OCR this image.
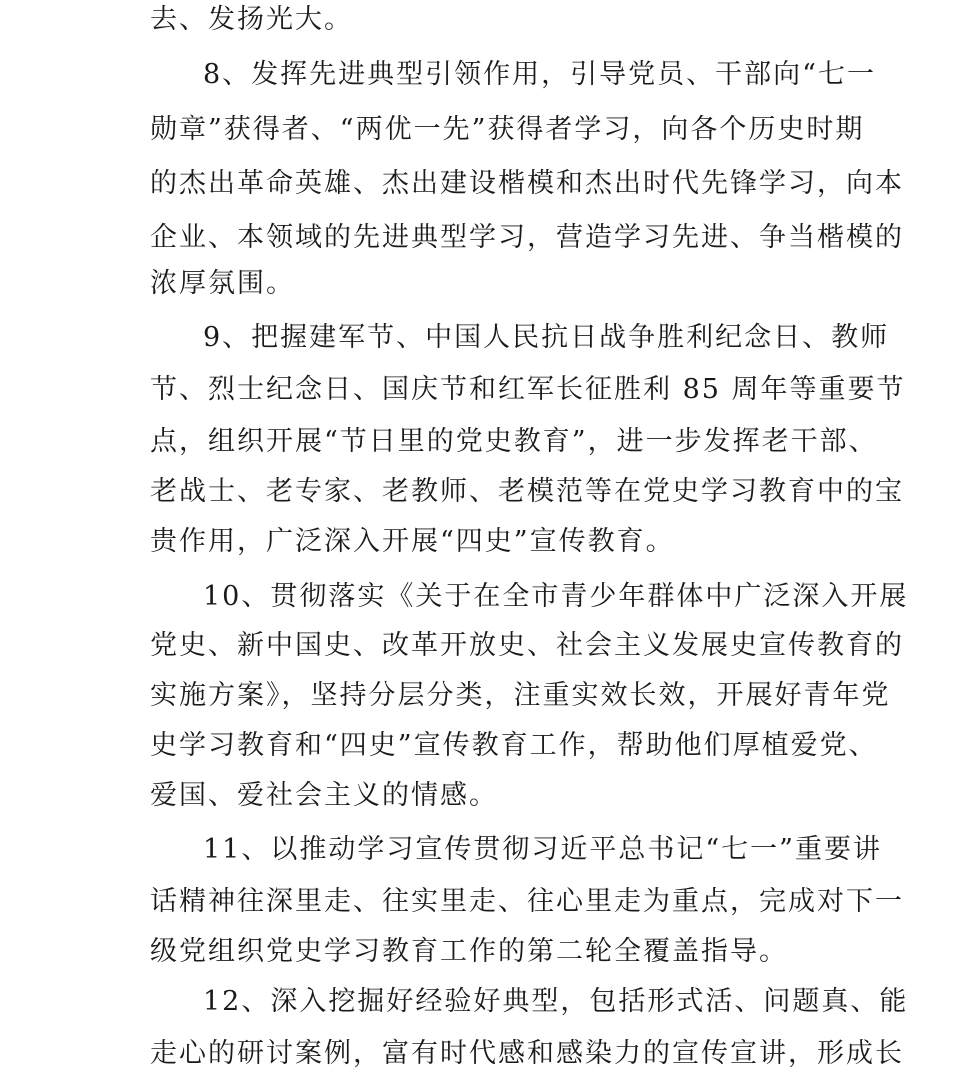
去、发扬光大。
8、发挥先进典型引领作用，引导党员、干部向“七一
勋章”获得者、“两优一先”获得者学习，向各个历史时期
的杰出革命英雄、杰出建设楷模和杰出时代先锋学习，向本
企业、本领域的先进典型学习，营造学习先进、争当楷模的
浓厚氛围。
9、把握建军节、中国人民抗日战争胜利纪念日、教师
节、烈士纪念日、国庆节和红军长征胜利 85 周年等重要节
点，组织开展“节日里的党史教育”，进一步发挥老干部、
老战士、老专家、老教师、老模范等在党史学习教育中的宝
贵作用，广泛深入开展“四史”宣传教育。
10、贯彻落实《关于在全市青少年群体中广泛深入开展
党史、新中国史、改革开放史、社会主义发展史宣传教育的
实施方案》，坚持分层分类，注重实效长效，开展好青年党
史学习教育和“四史”宣传教育工作，帮助他们厚植爱党、
爱国、爱社会主义的情感。
11、以推动学习宣传贯彻习近平总书记“七一”重要讲
话精神往深里走、往实里走、往心里走为重点，完成对下一
级党组织党史学习教育工作的第二轮全覆盖指导。
12、深入挖掘好经验好典型，包括形式活、问题真、能
走心的研讨案例，富有时代感和感染力的宣传宣讲，形成长
